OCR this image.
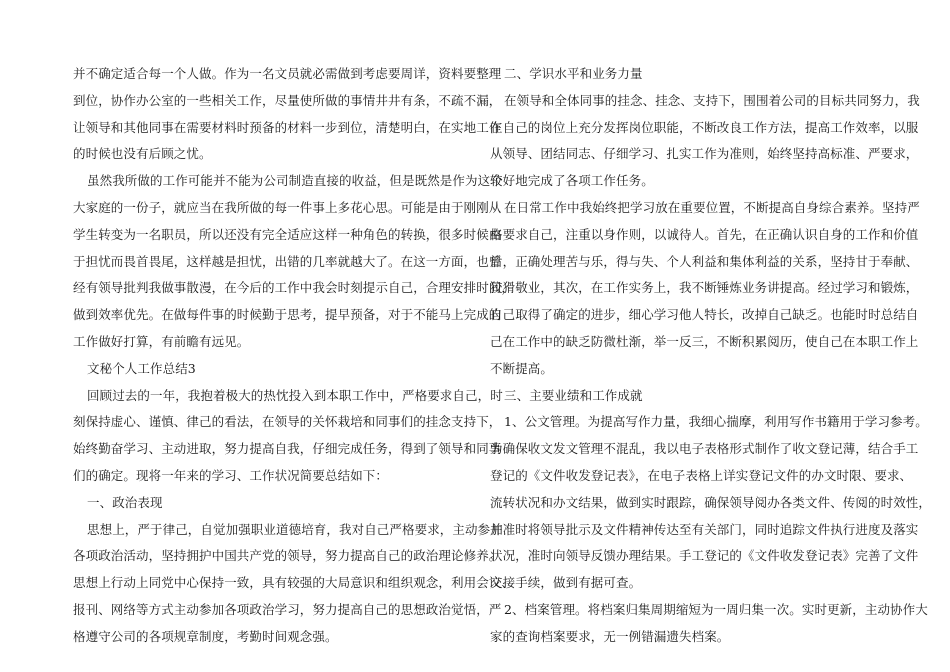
并不确定适合每一个人做。作为一名文员就必需做到考虑要周详，资料要整理
到位，协作办公室的一些相关工作，尽量使所做的事情井井有条，不疏不漏，
让领导和其他同事在需要材料时预备的材料一步到位，清楚明白，在实地工作
的时候也没有后顾之忧。
虽然我所做的工作可能并不能为公司制造直接的收益，但是既然是作为这个
大家庭的一份子，就应当在我所做的每一件事上多花心思。可能是由于刚刚从
学生转变为一名职员，所以还没有完全适应这样一种角色的转换，很多时候由
于担忧而畏首畏尾，这样越是担忧，出错的几率就越大了。在这一方面，也曾
经有领导批判我做事散漫，在今后的工作中我会时刻提示自己，合理安排时间，
做到效率优先。在做每件事的时候勤于思考，提早预备，对于不能马上完成的
工作做好打算，有前瞻有远见。
文秘个人工作总结3
回顾过去的一年，我抱着极大的热忱投入到本职工作中，严格要求自己，时
刻保持虚心、谨慎、律己的看法，在领导的关怀栽培和同事们的挂念支持下，
始终勤奋学习、主动进取，努力提高自我，仔细完成任务，得到了领导和同事
们的确定。现将一年来的学习、工作状况简要总结如下：
一、政治表现
思想上，严于律己，自觉加强职业道德培育，我对自己严格要求，主动参加
各项政治活动，坚持拥护中国共产党的领导，努力提高自己的政治理论修养。
思想上行动上同党中心保持一致，具有较强的大局意识和组织观念，利用会议、
报刊、网络等方式主动参加各项政治学习，努力提高自己的思想政治觉悟，严
格遵守公司的各项规章制度，考勤时间观念强。
二、学识水平和业务力量
在领导和全体同事的挂念、挂念、支持下，围围着公司的目标共同努力，我
在自己的岗位上充分发挥岗位职能，不断改良工作方法，提高工作效率，以服
从领导、团结同志、仔细学习、扎实工作为准则，始终坚持高标准、严要求，
较好地完成了各项工作任务。
在日常工作中我始终把学习放在重要位置，不断提高自身综合素养。坚持严
格要求自己，注重以身作则，以诚待人。首先，在正确认识自身的工作和价值
后，正确处理苦与乐，得与失、个人利益和集体利益的关系，坚持甘于奉献、
狡猾敬业，其次，在工作实务上，我不断锤炼业务讲提高。经过学习和锻炼，
自己取得了确定的进步，细心学习他人特长，改掉自己缺乏。也能时时总结自
己在工作中的缺乏防微杜渐，举一反三，不断积累阅历，使自己在本职工作上
不断提高。
三、主要业绩和工作成就
1、公文管理。为提高写作力量，我细心揣摩，利用写作书籍用于学习参考。
为确保收文发文管理不混乱，我以电子表格形式制作了收文登记薄，结合手工
登记的《文件收发登记表》，在电子表格上详实登记文件的办文时限、要求、
流转状况和办文结果，做到实时跟踪，确保领导阅办各类文件、传阅的时效性，
并准时将领导批示及文件精神传达至有关部门，同时追踪文件执行进度及落实
状况，准时向领导反馈办理结果。手工登记的《文件收发登记表》完善了文件
交接手续，做到有据可查。
2、档案管理。将档案归集周期缩短为一周归集一次。实时更新，主动协作大
家的查询档案要求，无一例错漏遗失档案。
